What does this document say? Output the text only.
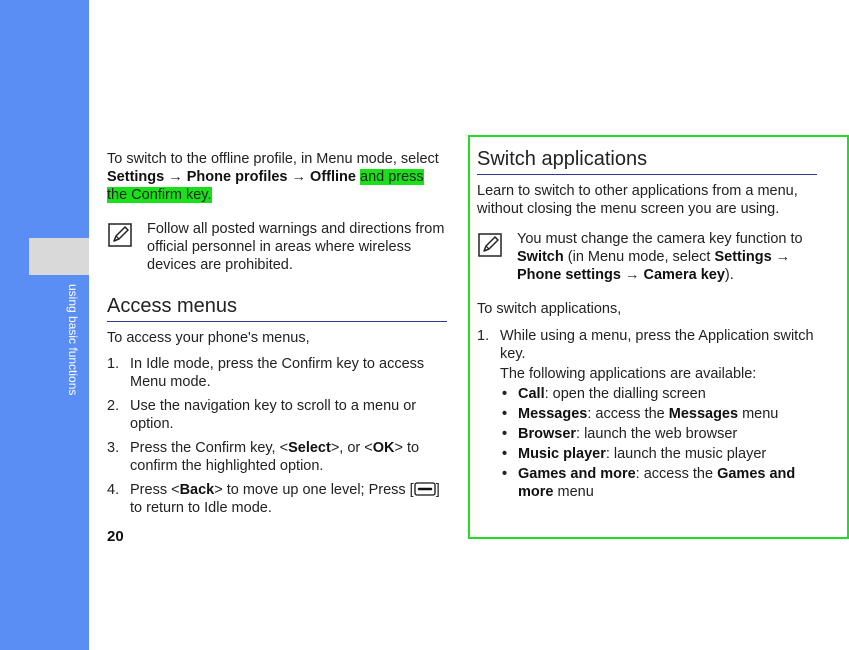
using basic functions

To switch to the offline profile, in Menu mode, select Settings → Phone profiles → Offline and press the Confirm key.

Follow all posted warnings and directions from official personnel in areas where wireless devices are prohibited.

Access menus

To access your phone's menus,

1. In Idle mode, press the Confirm key to access Menu mode.
2. Use the navigation key to scroll to a menu or option.
3. Press the Confirm key, <Select>, or <OK> to confirm the highlighted option.
4. Press <Back> to move up one level; Press [ ] to return to Idle mode.
20
Switch applications

Learn to switch to other applications from a menu, without closing the menu screen you are using.

You must change the camera key function to Switch (in Menu mode, select Settings → Phone settings → Camera key).

To switch applications,

1. While using a menu, press the Application switch key.

The following applications are available:

• Call: open the dialling screen
• Messages: access the Messages menu
• Browser: launch the web browser
• Music player: launch the music player
• Games and more: access the Games and more menu
